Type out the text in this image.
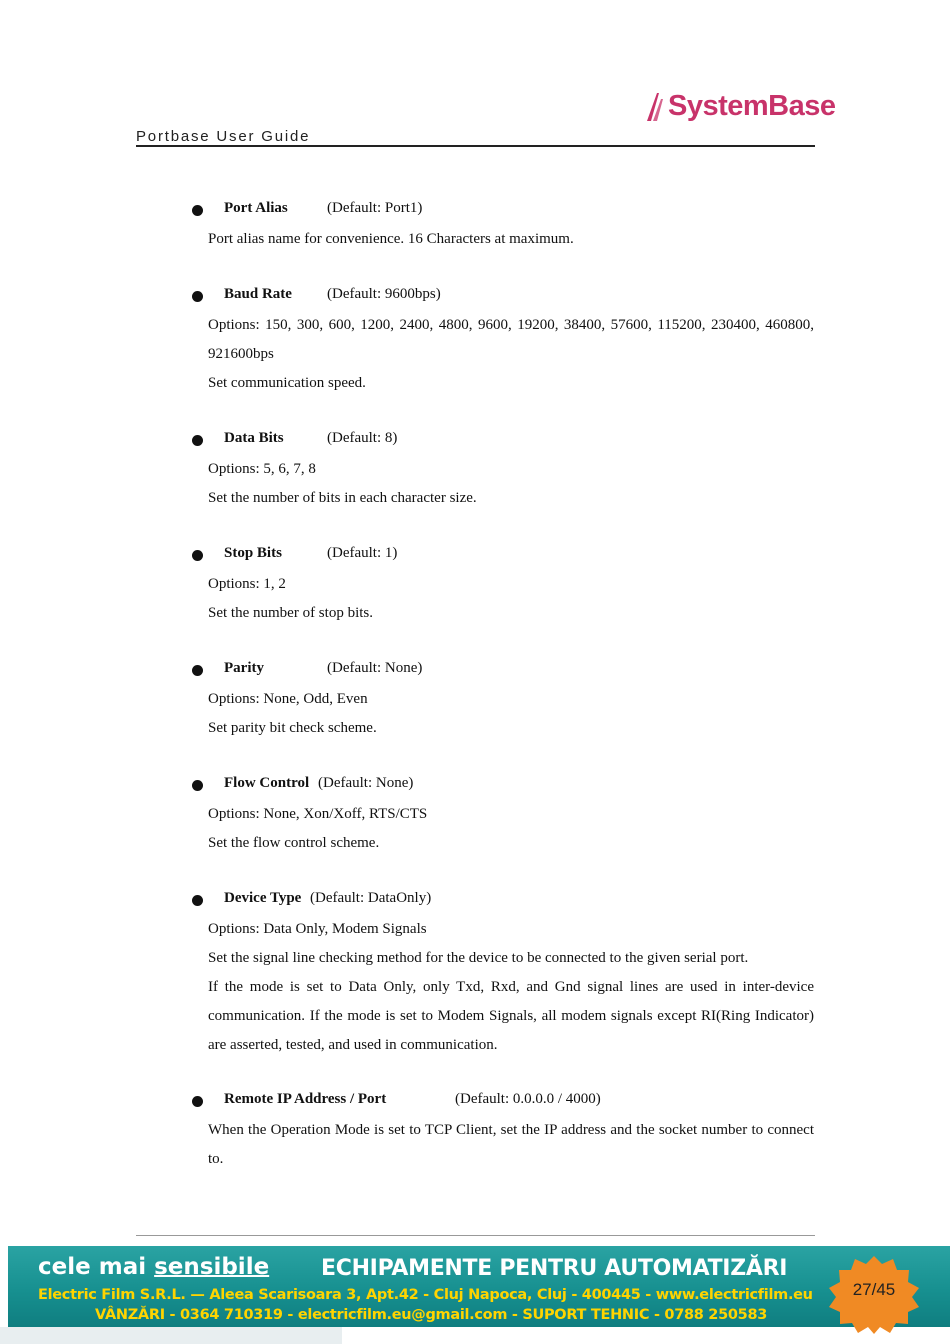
SystemBase
Portbase User Guide
Port Alias	(Default: Port1)
Port alias name for convenience. 16 Characters at maximum.
Baud Rate (Default: 9600bps)
Options: 150, 300, 600, 1200, 2400, 4800, 9600, 19200, 38400, 57600, 115200, 230400, 460800, 921600bps
Set communication speed.
Data Bits	(Default: 8)
Options: 5, 6, 7, 8
Set the number of bits in each character size.
Stop Bits	(Default: 1)
Options: 1, 2
Set the number of stop bits.
Parity	(Default: None)
Options: None, Odd, Even
Set parity bit check scheme.
Flow Control (Default: None)
Options: None, Xon/Xoff, RTS/CTS
Set the flow control scheme.
Device Type (Default: DataOnly)
Options: Data Only, Modem Signals
Set the signal line checking method for the device to be connected to the given serial port.
If the mode is set to Data Only, only Txd, Rxd, and Gnd signal lines are used in inter-device communication. If the mode is set to Modem Signals, all modem signals except RI(Ring Indicator) are asserted, tested, and used in communication.
Remote IP Address / Port	(Default: 0.0.0.0 / 4000)
When the Operation Mode is set to TCP Client, set the IP address and the socket number to connect to.
cele mai sensibile ECHIPAMENTE PENTRU AUTOMATIZĂRI
Electric Film S.R.L. — Aleea Scarisoara 3, Apt.42 - Cluj Napoca, Cluj - 400445 - www.electricfilm.eu
VÂNZĂRI - 0364 710319 - electricfilm.eu@gmail.com - SUPORT TEHNIC - 0788 250583
27/45
